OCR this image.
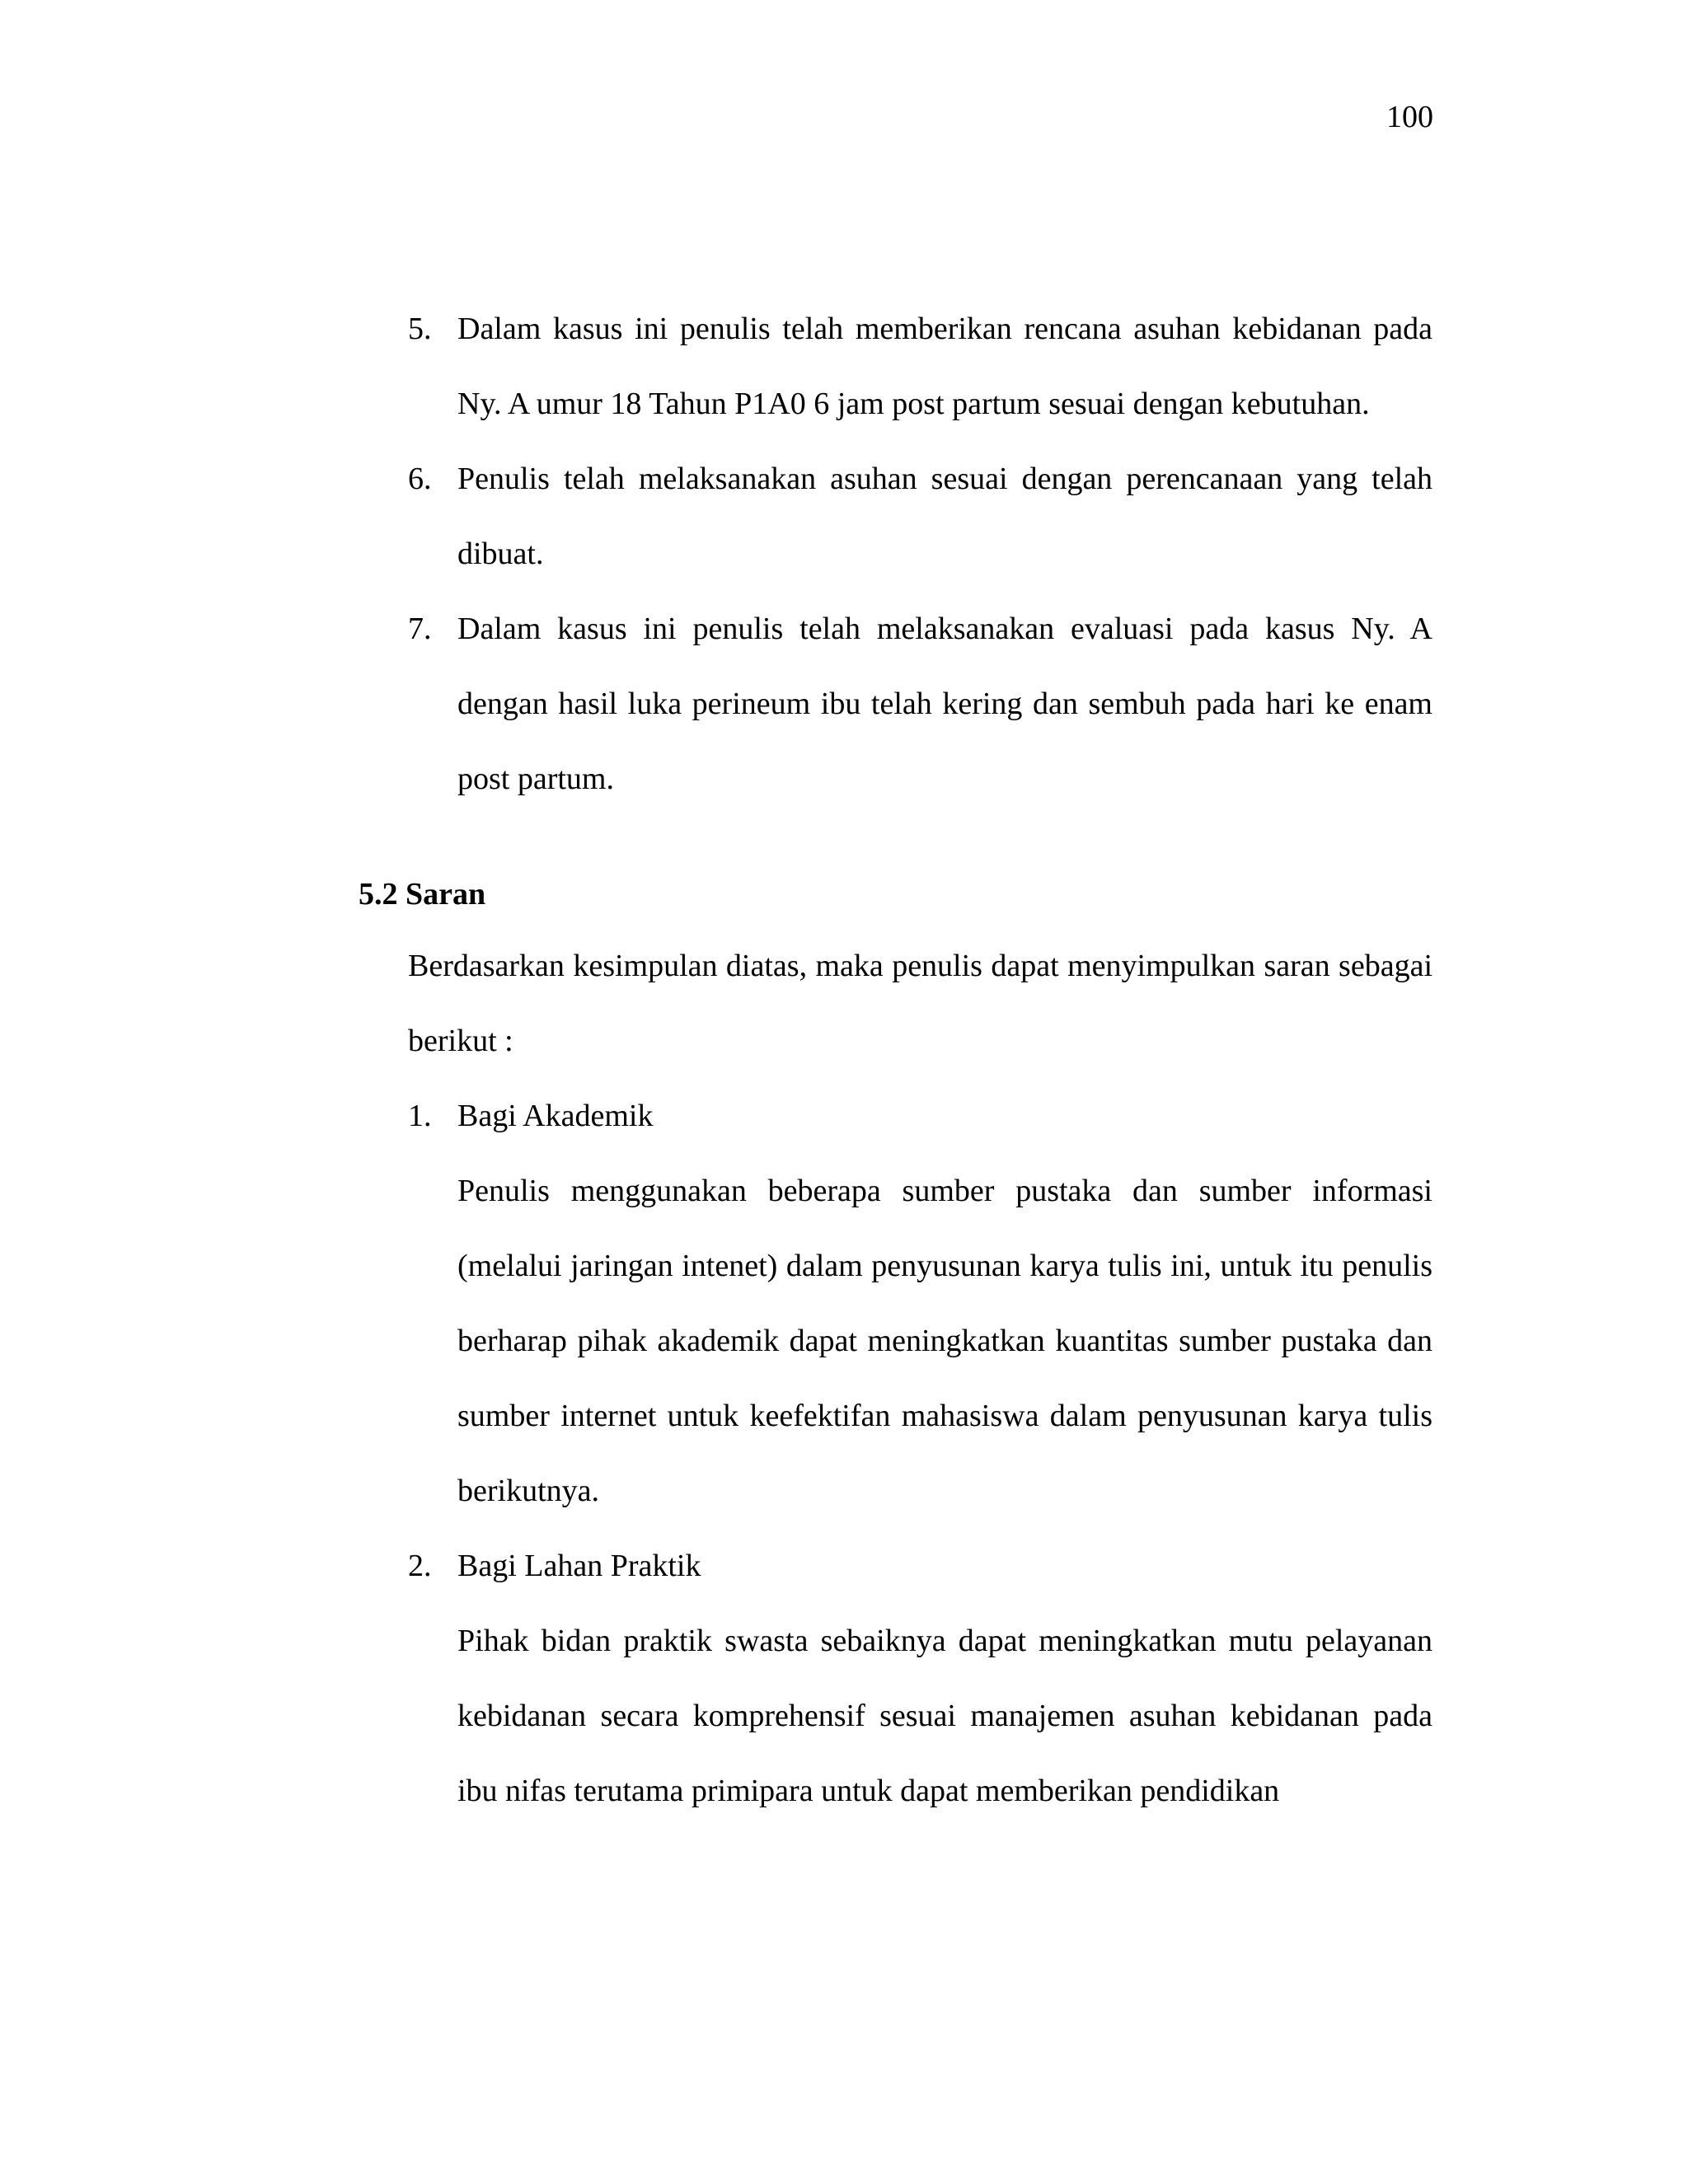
100
5. Dalam kasus ini penulis telah memberikan rencana asuhan kebidanan pada Ny. A umur 18 Tahun P1A0 6 jam post partum sesuai dengan kebutuhan.
6. Penulis telah melaksanakan asuhan sesuai dengan perencanaan yang telah dibuat.
7. Dalam kasus ini penulis telah melaksanakan evaluasi pada kasus Ny. A dengan hasil luka perineum ibu telah kering dan sembuh pada hari ke enam post partum.
Berdasarkan kesimpulan diatas, maka penulis dapat menyimpulkan saran sebagai berikut :
1. Bagi Akademik
Penulis menggunakan beberapa sumber pustaka dan sumber informasi (melalui jaringan intenet) dalam penyusunan karya tulis ini, untuk itu penulis berharap pihak akademik dapat meningkatkan kuantitas sumber pustaka dan sumber internet untuk keefektifan mahasiswa dalam penyusunan karya tulis berikutnya.
2. Bagi Lahan Praktik
Pihak bidan praktik swasta sebaiknya dapat meningkatkan mutu pelayanan kebidanan secara komprehensif sesuai manajemen asuhan kebidanan pada ibu nifas terutama primipara untuk dapat memberikan pendidikan
5.2 Saran
